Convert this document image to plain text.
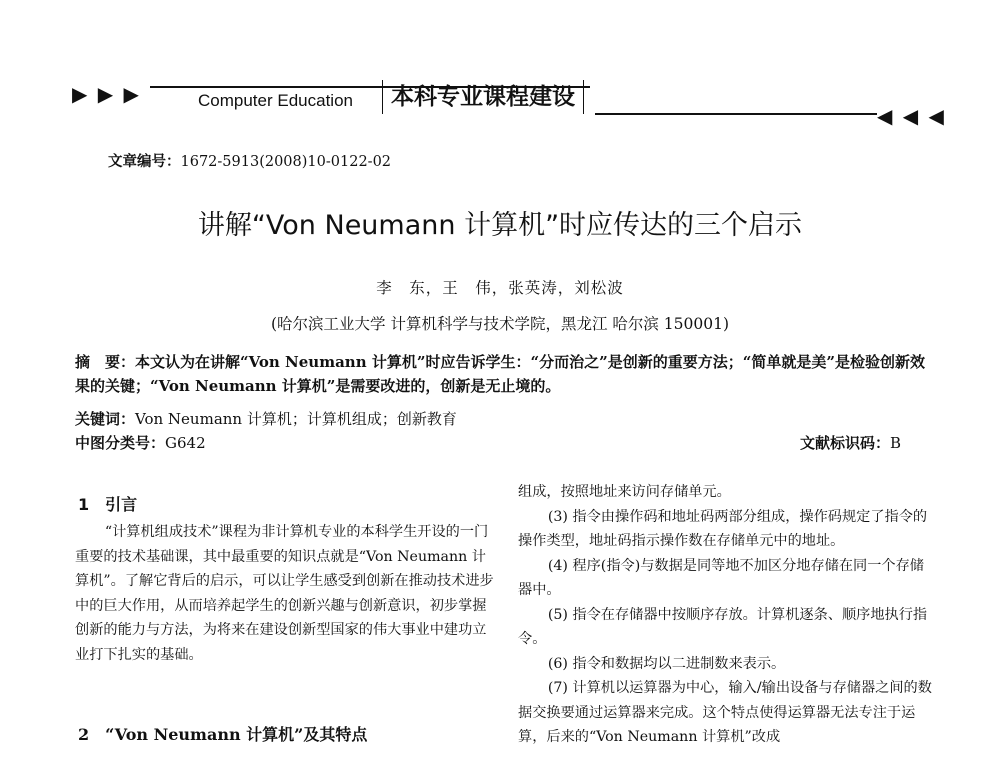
▶ ▶ ▶	Computer Education	本科专业课程建设
◀ ◀ ◀
文章编号：1672-5913(2008)10-0122-02
讲解“Von Neumann 计算机”时应传达的三个启示
李　东，王　伟，张英涛，刘松波
(哈尔滨工业大学 计算机科学与技术学院，黑龙江 哈尔滨 150001)
摘　要：本文认为在讲解“Von Neumann 计算机”时应告诉学生：“分而治之”是创新的重要方法；“简单就是美”是检验创新效果的关键；“Von Neumann 计算机”是需要改进的，创新是无止境的。
关键词：Von Neumann 计算机；计算机组成；创新教育
中图分类号：G642	文献标识码：B
1　引言

“计算机组成技术”课程为非计算机专业的本科学生开设的一门重要的技术基础课，其中最重要的知识点就是“Von Neumann 计算机”。了解它背后的启示，可以让学生感受到创新在推动技术进步中的巨大作用，从而培养起学生的创新兴趣与创新意识，初步掌握创新的能力与方法，为将来在建设创新型国家的伟大事业中建功立业打下扎实的基础。

2　“Von Neumann 计算机”及其特点

组成，按照地址来访问存储单元。

(3) 指令由操作码和地址码两部分组成，操作码规定了指令的操作类型，地址码指示操作数在存储单元中的地址。

(4) 程序(指令)与数据是同等地不加区分地存储在同一个存储器中。

(5) 指令在存储器中按顺序存放。计算机逐条、顺序地执行指令。

(6) 指令和数据均以二进制数来表示。

(7) 计算机以运算器为中心，输入/输出设备与存储器之间的数据交换要通过运算器来完成。这个特点使得运算器无法专注于运算，后来的“Von Neumann 计算机”改成
